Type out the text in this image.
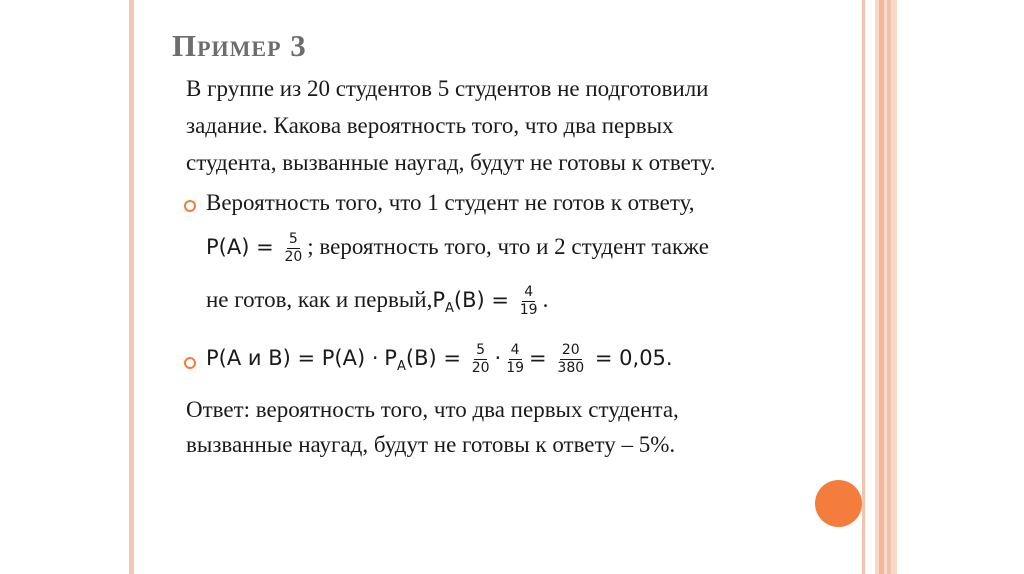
Пример 3
В группе из 20 студентов 5 студентов не подготовили
задание. Какова вероятность того, что два первых
студента, вызванные наугад, будут не готовы к ответу.
Вероятность того, что 1 студент не готов к ответу,
$P(A) = \frac{5}{20}$ ; вероятность того, что и 2 студент также
не готов, как и $первый,P_A(B) = \frac{4}{19}$ .
P(A и $B) = P(A) \cdot P_A(B) = \frac{5}{20} \cdot \frac{4}{19} = \frac{20}{380} = 0,05$.
Ответ: вероятность того, что два первых студента,
вызванные наугад, будут не готовы к ответу – 5%.
